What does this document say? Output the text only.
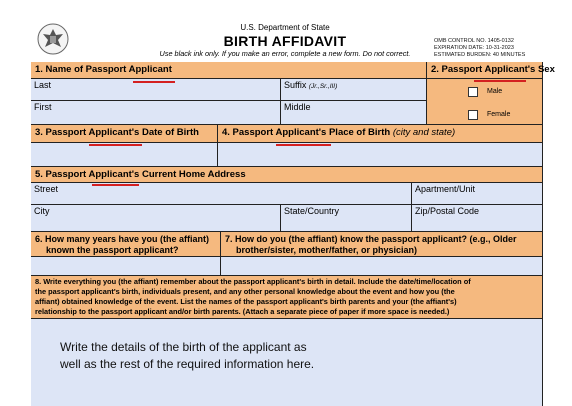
U.S. Department of State
BIRTH AFFIDAVIT
Use black ink only. If you make an error, complete a new form. Do not correct.
OMB CONTROL NO. 1405-0132
EXPIRATION DATE: 10-31-2023
ESTIMATED BURDEN: 40 MINUTES
1. Name of Passport Applicant	2. Passport Applicant's Sex
Last	Suffix (Jr.,Sr.,III)
First	Middle
Male
Female
3. Passport Applicant's Date of Birth	4. Passport Applicant's Place of Birth (city and state)
5. Passport Applicant's Current Home Address
Street	Apartment/Unit
City	State/Country	Zip/Postal Code
6. How many years have you (the affiant)
known the passport applicant?
7. How do you (the affiant) know the passport applicant? (e.g., Older
brother/sister, mother/father, or physician)
8. Write everything you (the affiant) remember about the passport applicant's birth in detail. Include the date/time/location of
the passport applicant's birth, individuals present, and any other personal knowledge about the event and how you (the
affiant) obtained knowledge of the event. List the names of the passport applicant's birth parents and your (the affiant's)
relationship to the passport applicant and/or birth parents. (Attach a separate piece of paper if more space is needed.)
Write the details of the birth of the applicant as
well as the rest of the required information here.
